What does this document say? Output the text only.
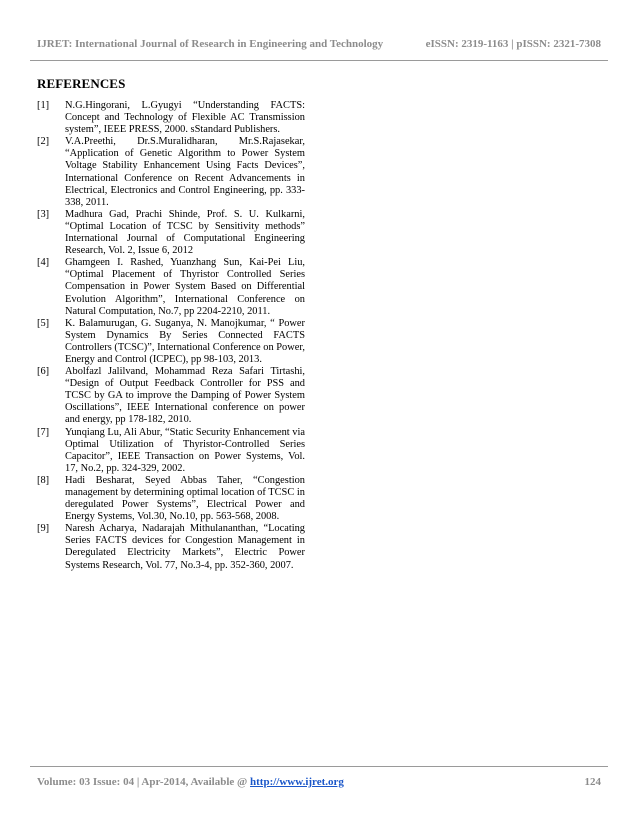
IJRET: International Journal of Research in Engineering and Technology	eISSN: 2319-1163 | pISSN: 2321-7308
REFERENCES
[1] N.G.Hingorani, L.Gyugyi “Understanding FACTS: Concept and Technology of Flexible AC Transmission system”, IEEE PRESS, 2000. sStandard Publishers.
[2] V.A.Preethi, Dr.S.Muralidharan, Mr.S.Rajasekar, “Application of Genetic Algorithm to Power System Voltage Stability Enhancement Using Facts Devices”, International Conference on Recent Advancements in Electrical, Electronics and Control Engineering, pp. 333-338, 2011.
[3] Madhura Gad, Prachi Shinde, Prof. S. U. Kulkarni, “Optimal Location of TCSC by Sensitivity methods” International Journal of Computational Engineering Research, Vol. 2, Issue 6, 2012
[4] Ghamgeen I. Rashed, Yuanzhang Sun, Kai-Pei Liu, “Optimal Placement of Thyristor Controlled Series Compensation in Power System Based on Differential Evolution Algorithm”, International Conference on Natural Computation, No.7, pp 2204-2210, 2011.
[5] K. Balamurugan, G. Suganya, N. Manojkumar, “ Power System Dynamics By Series Connected FACTS Controllers (TCSC)”, International Conference on Power, Energy and Control (ICPEC), pp 98-103, 2013.
[6] Abolfazl Jalilvand, Mohammad Reza Safari Tirtashi, “Design of Output Feedback Controller for PSS and TCSC by GA to improve the Damping of Power System Oscillations”, IEEE International conference on power and energy, pp 178-182, 2010.
[7] Yunqiang Lu, Ali Abur, “Static Security Enhancement via Optimal Utilization of Thyristor-Controlled Series Capacitor”, IEEE Transaction on Power Systems, Vol. 17, No.2, pp. 324-329, 2002.
[8] Hadi Besharat, Seyed Abbas Taher, “Congestion management by determining optimal location of TCSC in deregulated Power Systems”, Electrical Power and Energy Systems, Vol.30, No.10, pp. 563-568, 2008.
[9] Naresh Acharya, Nadarajah Mithulananthan, “Locating Series FACTS devices for Congestion Management in Deregulated Electricity Markets”, Electric Power Systems Research, Vol. 77, No.3-4, pp. 352-360, 2007.
Volume: 03 Issue: 04 | Apr-2014, Available @ http://www.ijret.org	124
